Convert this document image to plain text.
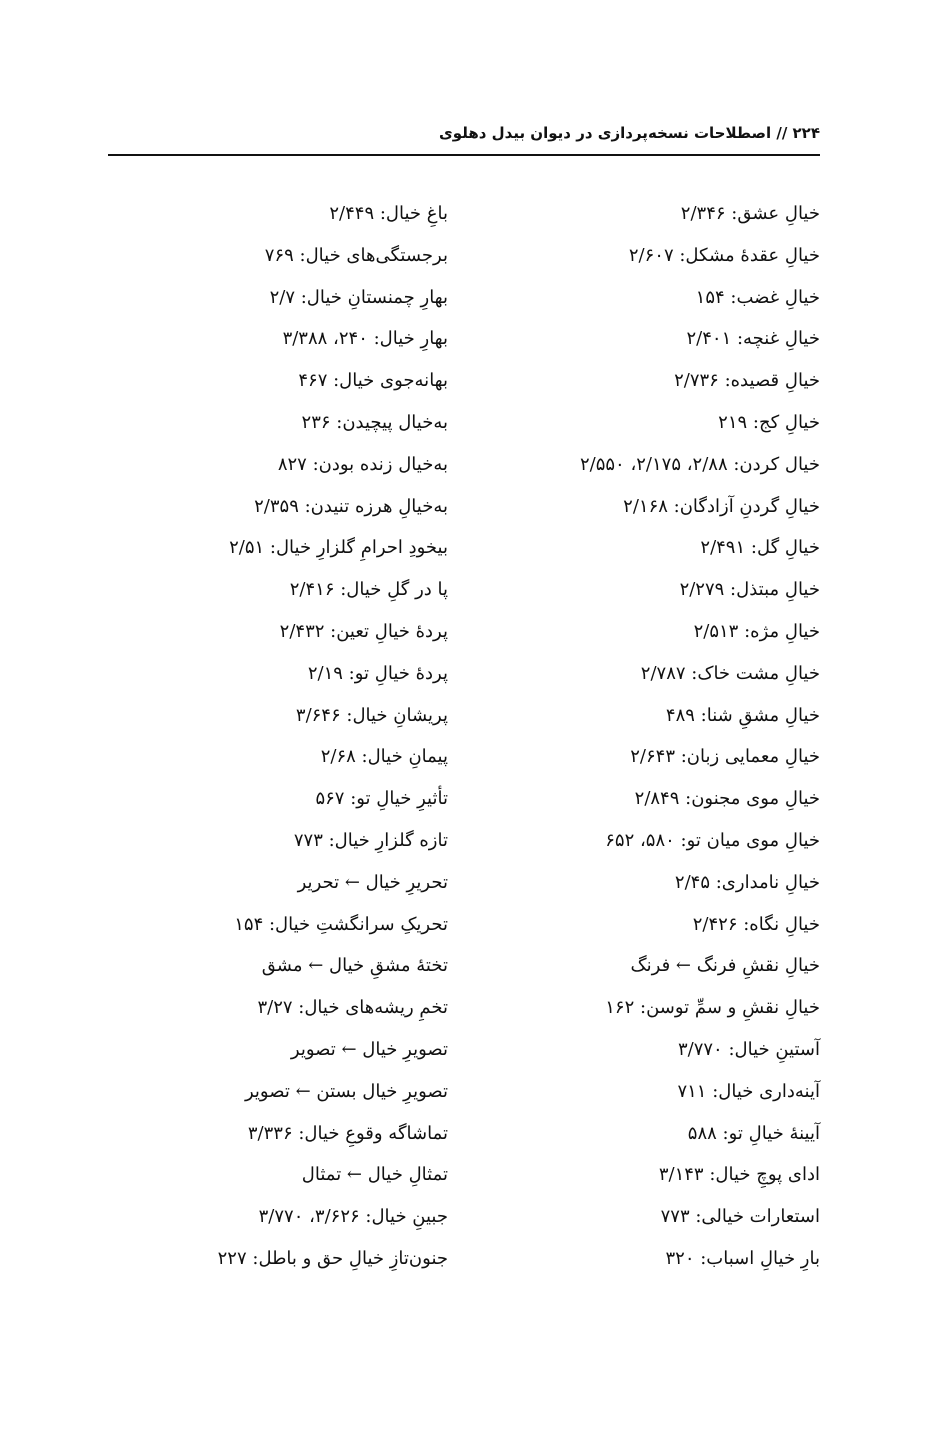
۲۲۴ // اصطلاحات نسخه‌پردازی در دیوان بیدل دهلوی
خیالِ عشق: ۲/۳۴۶
خیالِ عقدهٔ مشکل: ۲/۶۰۷
خیالِ غضب: ۱۵۴
خیالِ غنچه: ۲/۴۰۱
خیالِ قصیده: ۲/۷۳۶
خیالِ کج: ۲۱۹
خیال کردن: ۲/۸۸، ۲/۱۷۵، ۲/۵۵۰
خیالِ گردنِ آزادگان: ۲/۱۶۸
خیالِ گل: ۲/۴۹۱
خیالِ مبتذل: ۲/۲۷۹
خیالِ مژه: ۲/۵۱۳
خیالِ مشت خاک: ۲/۷۸۷
خیالِ مشقِ شنا: ۴۸۹
خیالِ معمایی زبان: ۲/۶۴۳
خیالِ موی مجنون: ۲/۸۴۹
خیالِ موی میان تو: ۵۸۰، ۶۵۲
خیالِ نامداری: ۲/۴۵
خیالِ نگاه: ۲/۴۲۶
خیالِ نقشِ فرنگ ← فرنگ
خیالِ نقشِ و سمِّ توسن: ۱۶۲
آستینِ خیال: ۳/۷۷۰
آینه‌داری خیال: ۷۱۱
آیینهٔ خیالِ تو: ۵۸۸
ادای پوچِ خیال: ۳/۱۴۳
استعارات خیالی: ۷۷۳
بارِ خیالِ اسباب: ۳۲۰
باغِ خیال: ۲/۴۴۹
برجستگی‌های خیال: ۷۶۹
بهارِ چمنستانِ خیال: ۲/۷
بهارِ خیال: ۲۴۰، ۳/۳۸۸
بهانه‌جوی خیال: ۴۶۷
به‌خیال پیچیدن: ۲۳۶
به‌خیال زنده بودن: ۸۲۷
به‌خیالِ هرزه تنیدن: ۲/۳۵۹
بیخودِ احرامِ گلزارِ خیال: ۲/۵۱
پا در گلِ خیال: ۲/۴۱۶
پردهٔ خیالِ تعین: ۲/۴۳۲
پردهٔ خیالِ تو: ۲/۱۹
پریشانِ خیال: ۳/۶۴۶
پیمانِ خیال: ۲/۶۸
تأثیرِ خیالِ تو: ۵۶۷
تازه گلزارِ خیال: ۷۷۳
تحریرِ خیال ← تحریر
تحریکِ سرانگشتِ خیال: ۱۵۴
تختهٔ مشقِ خیال ← مشق
تخمِ ریشه‌های خیال: ۳/۲۷
تصویرِ خیال ← تصویر
تصویرِ خیال بستن ← تصویر
تماشاگه وقوعِ خیال: ۳/۳۳۶
تمثالِ خیال ← تمثال
جبینِ خیال: ۳/۶۲۶، ۳/۷۷۰
جنون‌تازِ خیالِ حق و باطل: ۲۲۷
